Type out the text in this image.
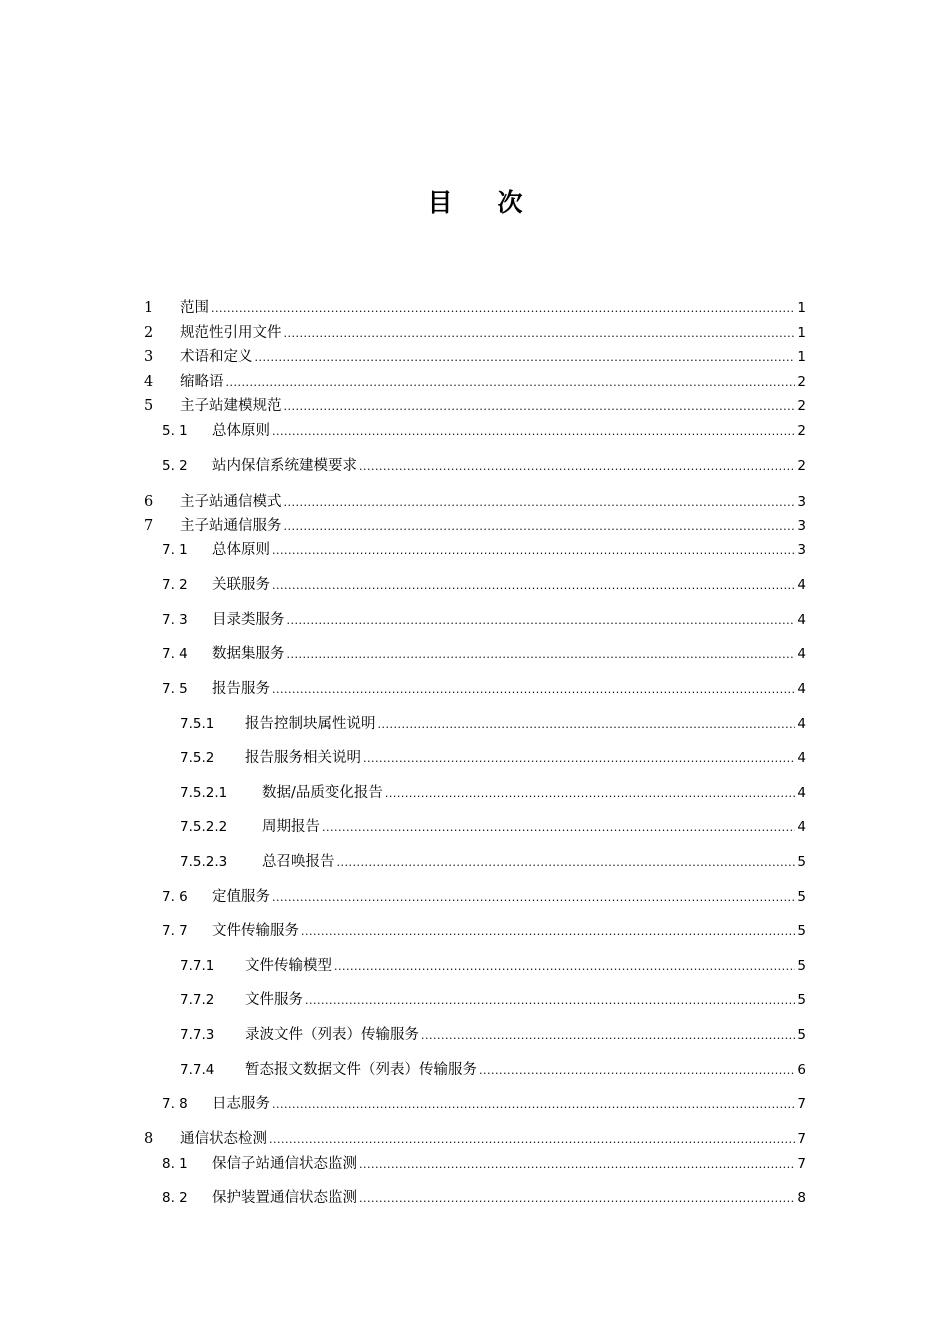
目次
1 范围 .....	1
2 规范性引用文件 .....	1
3 术语和定义 .....	1
4 缩略语 .....	2
5 主子站建模规范 .....	2
5. 1 总体原则 .....	2
5. 2 站内保信系统建模要求 .....	2
6 主子站通信模式 .....	3
7 主子站通信服务 .....	3
7. 1 总体原则 .....	3
7. 2 关联服务 .....	4
7. 3 目录类服务 .....	4
7. 4 数据集服务 .....	4
7. 5 报告服务 .....	4
7.5.1 报告控制块属性说明 .....	4
7.5.2 报告服务相关说明 .....	4
7.5.2.1 数据/品质变化报告 .....	4
7.5.2.2 周期报告 .....	4
7.5.2.3 总召唤报告 .....	5
7. 6 定值服务 .....	5
7. 7 文件传输服务 .....	5
7.7.1 文件传输模型 .....	5
7.7.2 文件服务 .....	5
7.7.3 录波文件（列表）传输服务 .....	5
7.7.4 暂态报文数据文件（列表）传输服务 .....	6
7. 8 日志服务 .....	7
8 通信状态检测 .....	7
8. 1 保信子站通信状态监测 .....	7
8. 2 保护装置通信状态监测 .....	8
